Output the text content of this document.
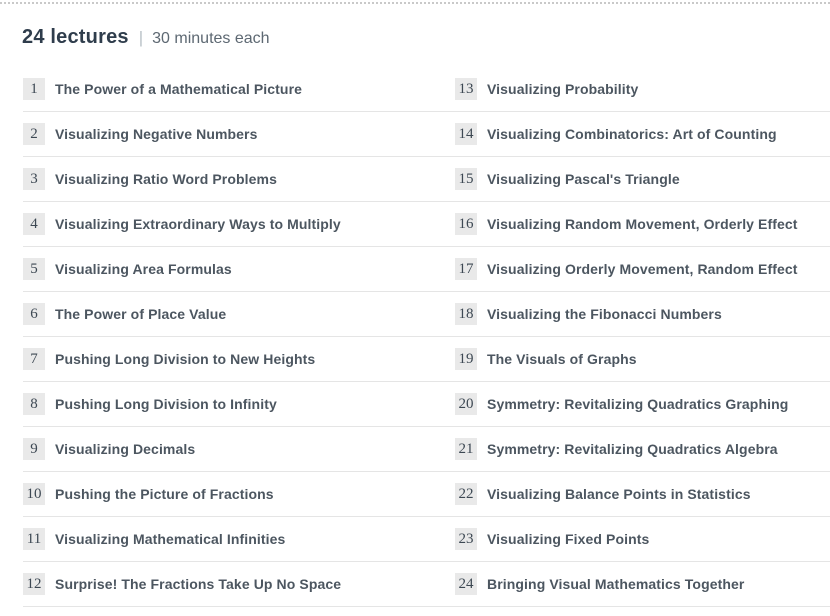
24 lectures | 30 minutes each
1	The Power of a Mathematical Picture
2	Visualizing Negative Numbers
3	Visualizing Ratio Word Problems
4	Visualizing Extraordinary Ways to Multiply
5	Visualizing Area Formulas
6	The Power of Place Value
7	Pushing Long Division to New Heights
8	Pushing Long Division to Infinity
9	Visualizing Decimals
10 Pushing the Picture of Fractions
11 Visualizing Mathematical Infinities
12 Surprise! The Fractions Take Up No Space
13 Visualizing Probability
14 Visualizing Combinatorics: Art of Counting
15 Visualizing Pascal's Triangle
16 Visualizing Random Movement, Orderly Effect
17 Visualizing Orderly Movement, Random Effect
18 Visualizing the Fibonacci Numbers
19 The Visuals of Graphs
20 Symmetry: Revitalizing Quadratics Graphing
21 Symmetry: Revitalizing Quadratics Algebra
22 Visualizing Balance Points in Statistics
23 Visualizing Fixed Points
24 Bringing Visual Mathematics Together
